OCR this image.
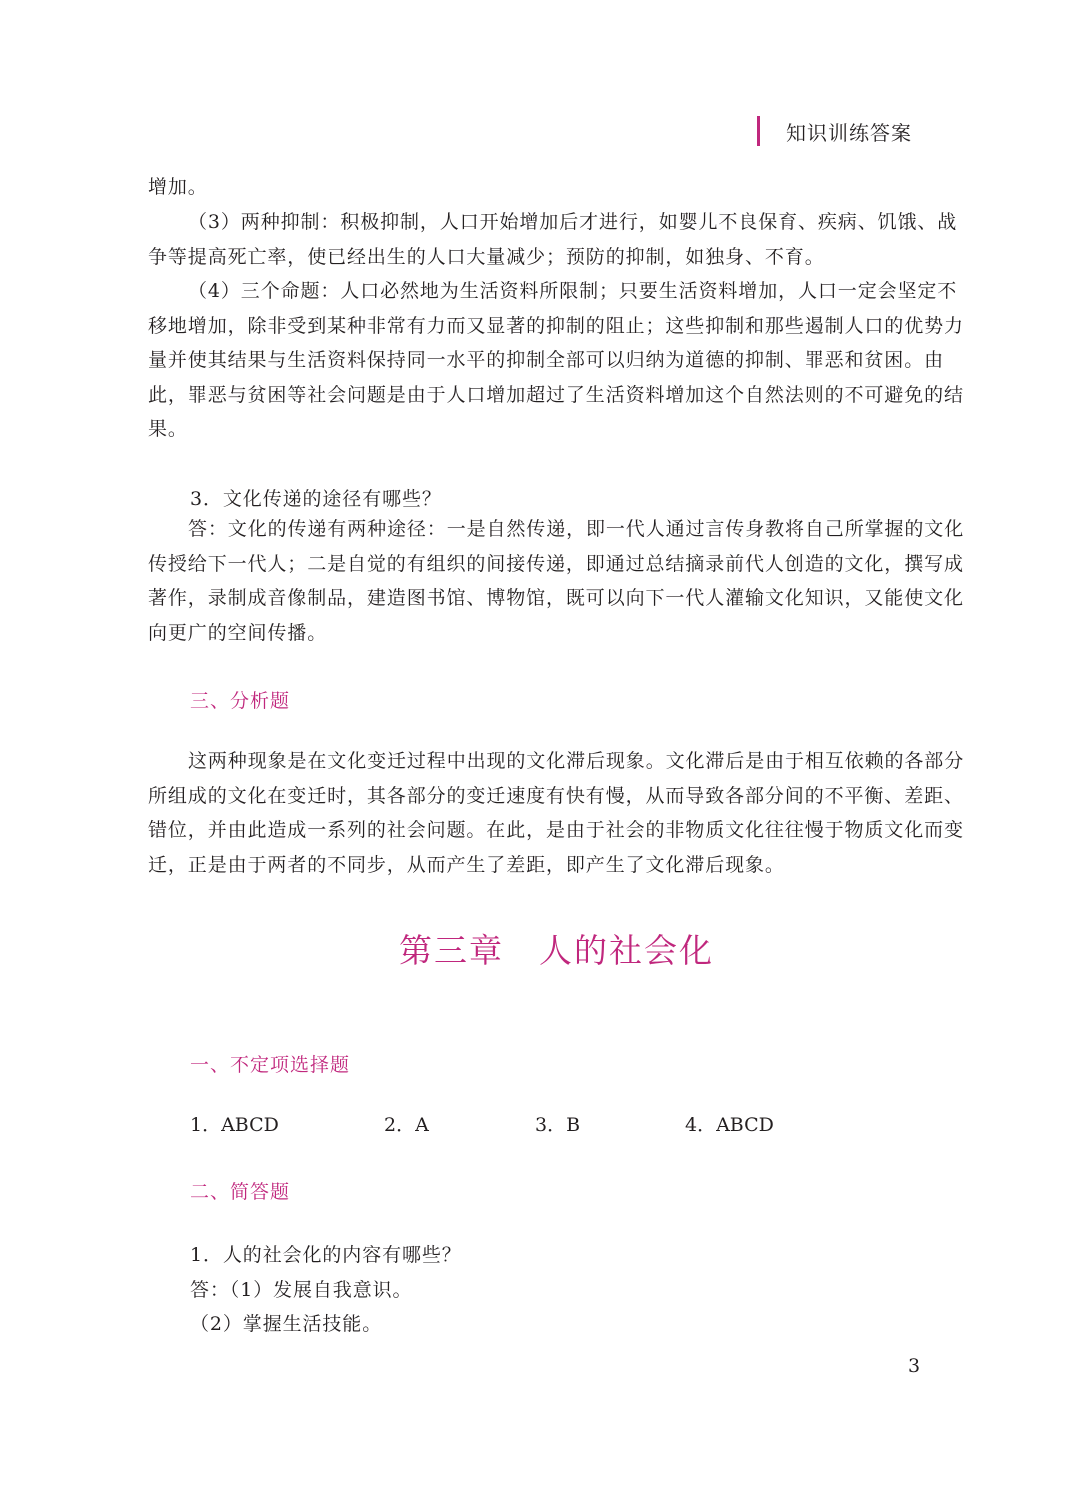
知识训练答案
增加。
（3）两种抑制：积极抑制，人口开始增加后才进行，如婴儿不良保育、疾病、饥饿、战争等提高死亡率，使已经出生的人口大量减少；预防的抑制，如独身、不育。
（4）三个命题：人口必然地为生活资料所限制；只要生活资料增加，人口一定会坚定不移地增加，除非受到某种非常有力而又显著的抑制的阻止；这些抑制和那些遏制人口的优势力量并使其结果与生活资料保持同一水平的抑制全部可以归纳为道德的抑制、罪恶和贫困。由此，罪恶与贫困等社会问题是由于人口增加超过了生活资料增加这个自然法则的不可避免的结果。
3．文化传递的途径有哪些？
答：文化的传递有两种途径：一是自然传递，即一代人通过言传身教将自己所掌握的文化传授给下一代人；二是自觉的有组织的间接传递，即通过总结摘录前代人创造的文化，撰写成著作，录制成音像制品，建造图书馆、博物馆，既可以向下一代人灌输文化知识，又能使文化向更广的空间传播。
三、分析题
这两种现象是在文化变迁过程中出现的文化滞后现象。文化滞后是由于相互依赖的各部分所组成的文化在变迁时，其各部分的变迁速度有快有慢，从而导致各部分间的不平衡、差距、错位，并由此造成一系列的社会问题。在此，是由于社会的非物质文化往往慢于物质文化而变迁，正是由于两者的不同步，从而产生了差距，即产生了文化滞后现象。
第三章　人的社会化
一、不定项选择题
1．ABCD	2．A	3．B	4．ABCD
二、简答题
1．人的社会化的内容有哪些？
答：（1）发展自我意识。
（2）掌握生活技能。
3
